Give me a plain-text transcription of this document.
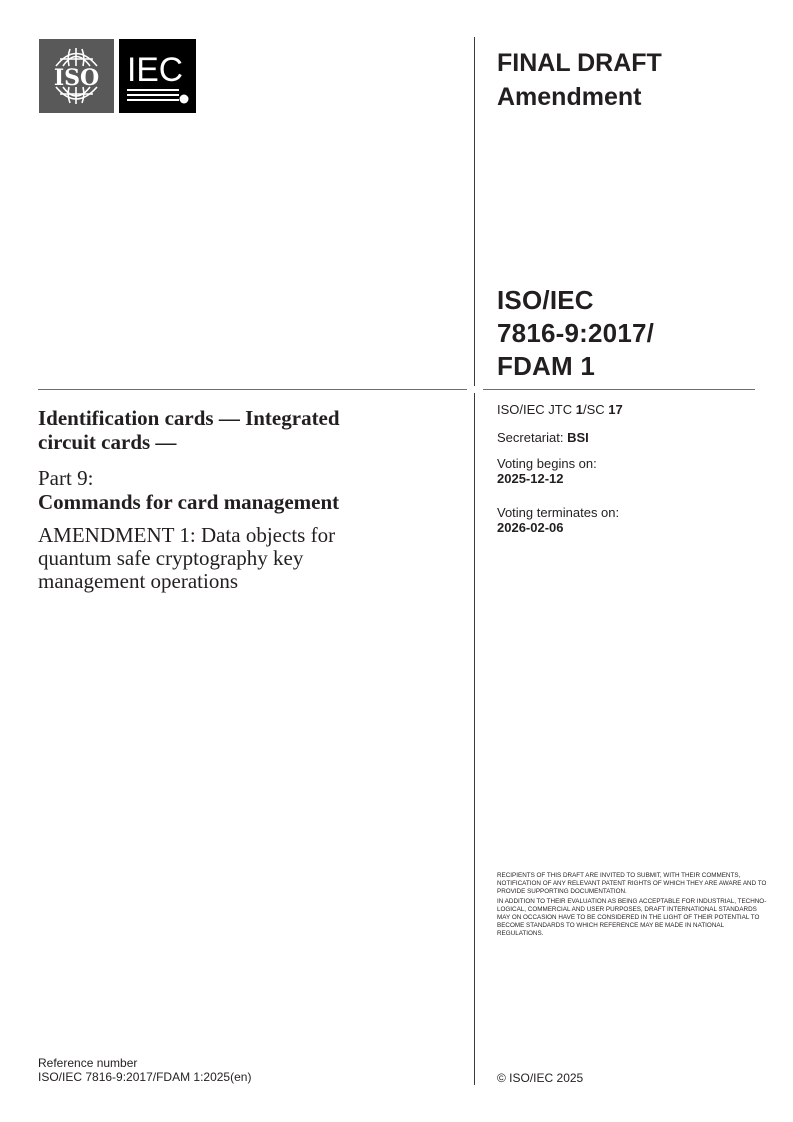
ISO IEC	FINAL DRAFT
Amendment
ISO/IEC
7816-9:2017/
FDAM 1
Identification cards — Integrated
circuit cards —
Part 9:
Commands for card management
AMENDMENT 1: Data objects for
quantum safe cryptography key
management operations
ISO/IEC JTC 1/SC 17
Secretariat: BSI
Voting begins on:
2025-12-12
Voting terminates on:
2026-02-06

RECIPIENTS OF THIS DRAFT ARE INVITED TO SUBMIT, WITH THEIR COMMENTS, NOTIFICATION OF ANY RELEVANT PATENT RIGHTS OF WHICH THEY ARE AWARE AND TO PROVIDE SUPPORTING DOCUMENTATION.

IN ADDITION TO THEIR EVALUATION AS BEING ACCEPTABLE FOR INDUSTRIAL, TECHNO-LOGICAL, COMMERCIAL AND USER PURPOSES, DRAFT INTERNATIONAL STANDARDS MAY ON OCCASION HAVE TO BE CONSIDERED IN THE LIGHT OF THEIR POTENTIAL TO BECOME STANDARDS TO WHICH REFERENCE MAY BE MADE IN NATIONAL REGULATIONS.

Reference number
ISO/IEC 7816-9:2017/FDAM 1:2025(en)	© ISO/IEC 2025
